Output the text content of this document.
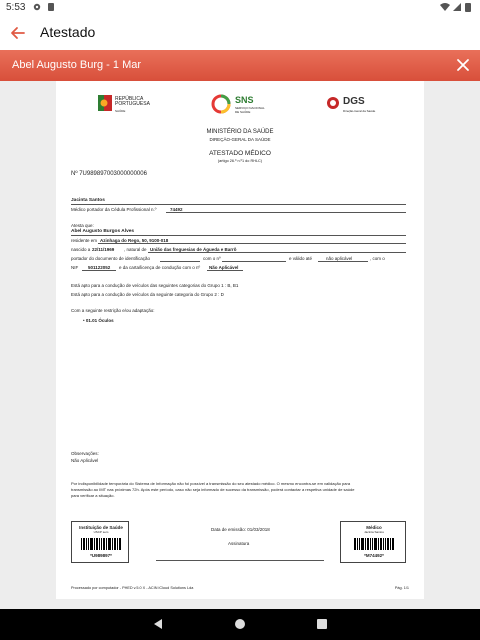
5:53
Atestado
Abel Augusto Burg - 1 Mar
REPÚBLICA
PORTUGUESA
SAÚDE
SNS
SERVIÇO NACIONAL
DE SAÚDE
DGS
Direção-Geral da Saúde
MINISTÉRIO DA SAÚDE
DIREÇÃO-GERAL DA SAÚDE
ATESTADO MÉDICO
(artigo 26.º n.º1 do RHLC)
Nº 7U989897003000000006
Jacinta Santos
Médico portador da Cédula Profissional n.º	74492
Atesta que:
Abel Augusto Burgos Alves
residente em Azinhaga do Rego, 50, 9100-018
nascido a 22/11/1969 , natural de União das freguesias de Águeda e Barrô
portador do documento de identificação	com o nº	e válido até	não aplicável	, com o
NIF 501122052 e da carta/licença de condução com o nº Não Aplicável
Está apto para a condução de veículos das seguintes categorias do Grupo 1 : B, B1
Está apto para a condução de veículos da seguinte categoria do Grupo 2 : D
Com a seguinte restrição e/ou adaptação:
• 01.01 Óculos
Observações:
Não Aplicável
Por indisponibilidade temporária do Sistema de Informação não foi possível a transmissão do seu atestado médico. O mesmo encontra-se em validação para
transmissão ao IMT nas próximas 72h. Após este período, caso não seja informado de sucesso da transmissão, poderá contactar a respetiva unidade de saúde
para verificar a situação.
Instituição de Saúde
USCP sem
*U989897*
Data de emissão: 01/03/2018
Assinatura
Médico
Jacinta Santos
*M74492*
Processado por computador - PHED v.5.0 X - ACIN iCloud Solutions Lda	Pág. 1/1
